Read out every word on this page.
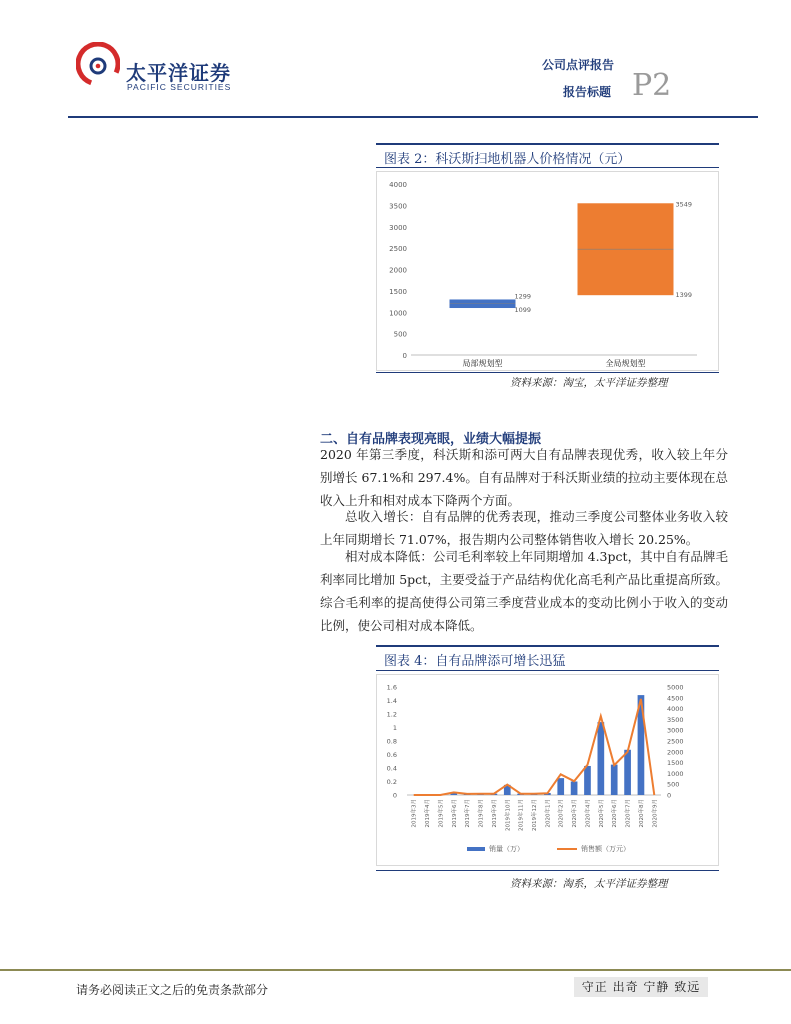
太平洋证券
PACIFIC SECURITIES
公司点评报告
报告标题 P2
图表 2：科沃斯扫地机器人价格情况（元）
0
500
1000
1500
2000
2500
3000
3500
4000
局部规划型	全局规划型
1299
1099
3549
1399
资料来源：淘宝，太平洋证券整理
二、自有品牌表现亮眼，业绩大幅提振
2020 年第三季度，科沃斯和添可两大自有品牌表现优秀，收入较上年分别增长 67.1%和 297.4%。自有品牌对于科沃斯业绩的拉动主要体现在总收入上升和相对成本下降两个方面。
总收入增长：自有品牌的优秀表现，推动三季度公司整体业务收入较上年同期增长 71.07%，报告期内公司整体销售收入增长 20.25%。
相对成本降低：公司毛利率较上年同期增加 4.3pct，其中自有品牌毛利率同比增加 5pct，主要受益于产品结构优化高毛利产品比重提高所致。综合毛利率的提高使得公司第三季度营业成本的变动比例小于收入的变动比例，使公司相对成本降低。
图表 4：自有品牌添可增长迅猛
0
0.2
0.4
0.6
0.8
1
1.2
1.4
1.6
0
500
1000
1500
2000
2500
3000
3500
4000
4500
5000
2019年3月	2019年4月	2019年5月	2019年6月	2019年7月	2019年8月	2019年9月	2019年10月	2019年11月	2019年12月	2020年1月	2020年2月	2020年3月	2020年4月	2020年5月	2020年6月	2020年7月	2020年8月	2020年9月
销量（万）	销售额（万元）
资料来源：淘系，太平洋证券整理
请务必阅读正文之后的免责条款部分	守正 出奇 宁静 致远
